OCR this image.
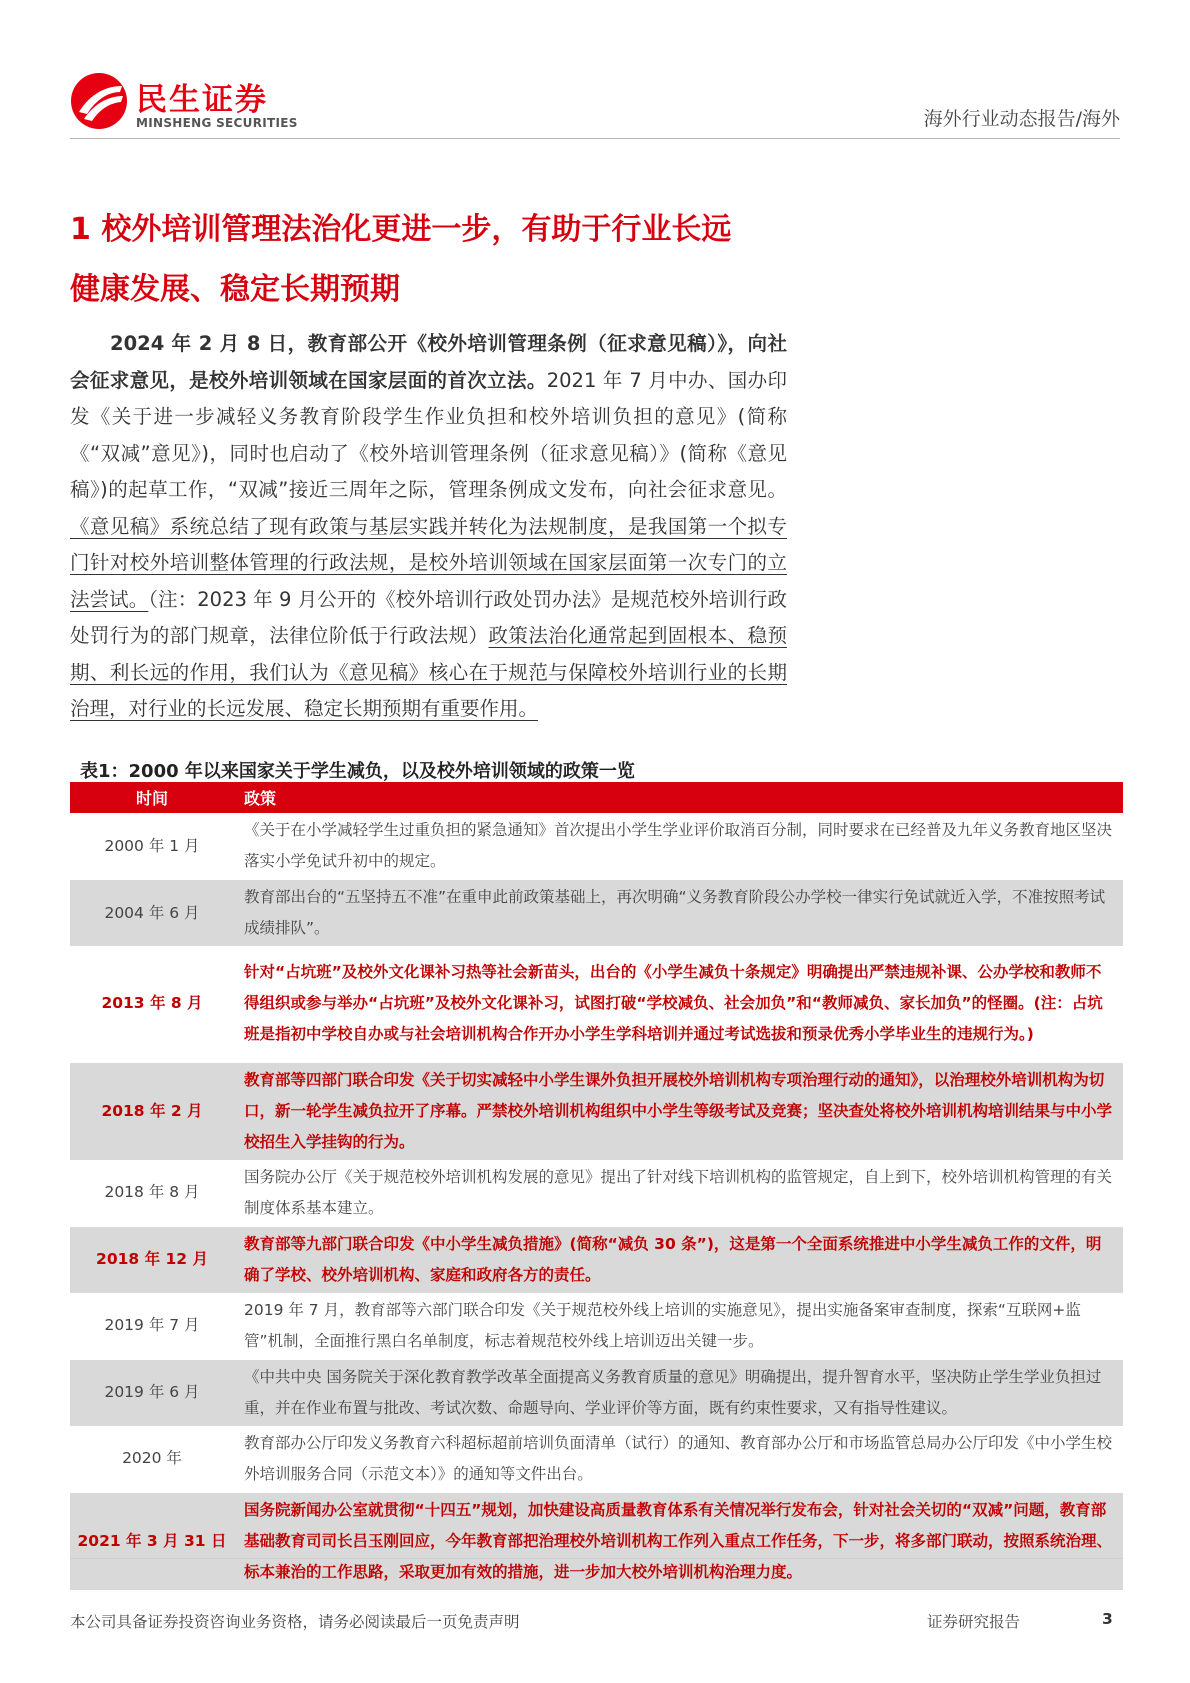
民生证券
MINSHENG SECURITIES	海外行业动态报告/海外
1 校外培训管理法治化更进一步，有助于行业长远
健康发展、稳定长期预期
2024 年 2 月 8 日，教育部公开《校外培训管理条例（征求意见稿）》，向社会征求意见，是校外培训领域在国家层面的首次立法。2021 年 7 月中办、国办印发《关于进一步减轻义务教育阶段学生作业负担和校外培训负担的意见》(简称《“双减”意见》)，同时也启动了《校外培训管理条例（征求意见稿）》(简称《意见稿》)的起草工作，“双减”接近三周年之际，管理条例成文发布，向社会征求意见。《意见稿》系统总结了现有政策与基层实践并转化为法规制度，是我国第一个拟专门针对校外培训整体管理的行政法规，是校外培训领域在国家层面第一次专门的立法尝试。（注：2023 年 9 月公开的《校外培训行政处罚办法》是规范校外培训行政处罚行为的部门规章，法律位阶低于行政法规）政策法治化通常起到固根本、稳预期、利长远的作用，我们认为《意见稿》核心在于规范与保障校外培训行业的长期治理，对行业的长远发展、稳定长期预期有重要作用。
表1：2000 年以来国家关于学生减负，以及校外培训领域的政策一览
时间	政策
2000 年 1 月	《关于在小学减轻学生过重负担的紧急通知》首次提出小学生学业评价取消百分制，同时要求在已经普及九年义务教育地区坚决落实小学免试升初中的规定。
2004 年 6 月	教育部出台的“五坚持五不准”在重申此前政策基础上，再次明确“义务教育阶段公办学校一律实行免试就近入学，不准按照考试成绩排队”。
2013 年 8 月	针对“占坑班”及校外文化课补习热等社会新苗头，出台的《小学生减负十条规定》明确提出严禁违规补课、公办学校和教师不得组织或参与举办“占坑班”及校外文化课补习，试图打破“学校减负、社会加负”和“教师减负、家长加负”的怪圈。(注：占坑班是指初中学校自办或与社会培训机构合作开办小学生学科培训并通过考试选拔和预录优秀小学毕业生的违规行为。)
2018 年 2 月	教育部等四部门联合印发《关于切实减轻中小学生课外负担开展校外培训机构专项治理行动的通知》，以治理校外培训机构为切口，新一轮学生减负拉开了序幕。严禁校外培训机构组织中小学生等级考试及竞赛；坚决查处将校外培训机构培训结果与中小学校招生入学挂钩的行为。
2018 年 8 月	国务院办公厅《关于规范校外培训机构发展的意见》提出了针对线下培训机构的监管规定，自上到下，校外培训机构管理的有关制度体系基本建立。
2018 年 12 月	教育部等九部门联合印发《中小学生减负措施》(简称“减负 30 条”)，这是第一个全面系统推进中小学生减负工作的文件，明确了学校、校外培训机构、家庭和政府各方的责任。
2019 年 7 月	2019 年 7 月，教育部等六部门联合印发《关于规范校外线上培训的实施意见》，提出实施备案审查制度，探索“互联网+监管”机制，全面推行黑白名单制度，标志着规范校外线上培训迈出关键一步。
2019 年 6 月	《中共中央 国务院关于深化教育教学改革全面提高义务教育质量的意见》明确提出，提升智育水平，坚决防止学生学业负担过重，并在作业布置与批改、考试次数、命题导向、学业评价等方面，既有约束性要求，又有指导性建议。
2020 年	教育部办公厅印发义务教育六科超标超前培训负面清单（试行）的通知、教育部办公厅和市场监管总局办公厅印发《中小学生校外培训服务合同（示范文本）》的通知等文件出台。
2021 年 3 月 31 日	国务院新闻办公室就贯彻“十四五”规划，加快建设高质量教育体系有关情况举行发布会，针对社会关切的“双减”问题，教育部基础教育司司长吕玉刚回应，今年教育部把治理校外培训机构工作列入重点工作任务，下一步，将多部门联动，按照系统治理、标本兼治的工作思路，采取更加有效的措施，进一步加大校外培训机构治理力度。
本公司具备证券投资咨询业务资格，请务必阅读最后一页免责声明	证券研究报告	3
